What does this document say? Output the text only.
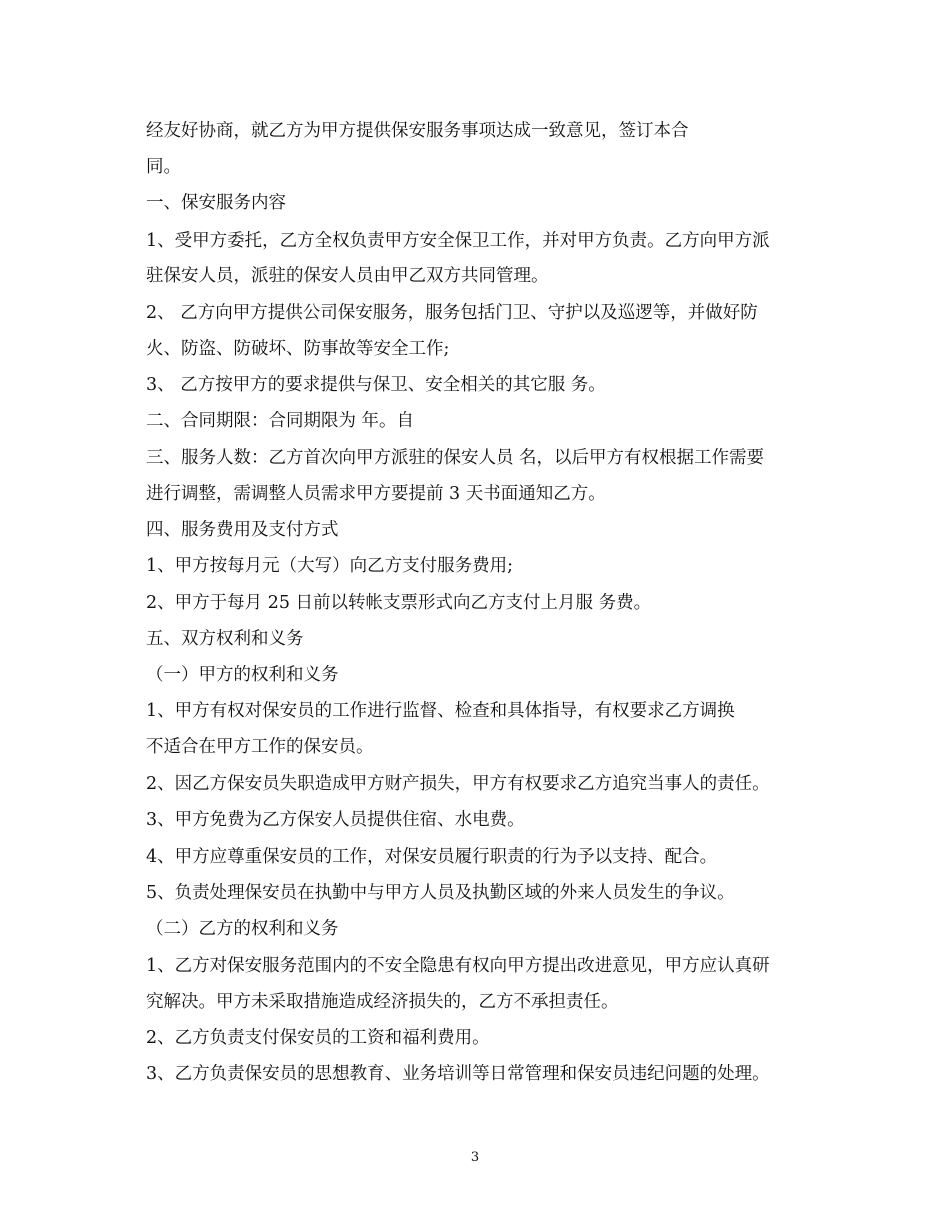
经友好协商，就乙方为甲方提供保安服务事项达成一致意见，签订本合
同。
一、保安服务内容
1、受甲方委托，乙方全权负责甲方安全保卫工作，并对甲方负责。乙方向甲方派
驻保安人员，派驻的保安人员由甲乙双方共同管理。
2、 乙方向甲方提供公司保安服务，服务包括门卫、守护以及巡逻等，并做好防
火、防盗、防破坏、防事故等安全工作;
3、 乙方按甲方的要求提供与保卫、安全相关的其它服 务。
二、合同期限：合同期限为 年。自
三、服务人数：乙方首次向甲方派驻的保安人员 名，以后甲方有权根据工作需要
进行调整，需调整人员需求甲方要提前 3 天书面通知乙方。
四、服务费用及支付方式
1、甲方按每月元（大写）向乙方支付服务费用;
2、甲方于每月 25 日前以转帐支票形式向乙方支付上月服 务费。
五、双方权利和义务
（一）甲方的权利和义务
1、甲方有权对保安员的工作进行监督、检查和具体指导，有权要求乙方调换
不适合在甲方工作的保安员。
2、因乙方保安员失职造成甲方财产损失，甲方有权要求乙方追究当事人的责任。
3、甲方免费为乙方保安人员提供住宿、水电费。
4、甲方应尊重保安员的工作，对保安员履行职责的行为予以支持、配合。
5、负责处理保安员在执勤中与甲方人员及执勤区域的外来人员发生的争议。
（二）乙方的权利和义务
1、乙方对保安服务范围内的不安全隐患有权向甲方提出改进意见，甲方应认真研
究解决。甲方未采取措施造成经济损失的，乙方不承担责任。
2、乙方负责支付保安员的工资和福利费用。
3、乙方负责保安员的思想教育、业务培训等日常管理和保安员违纪问题的处理。
3
